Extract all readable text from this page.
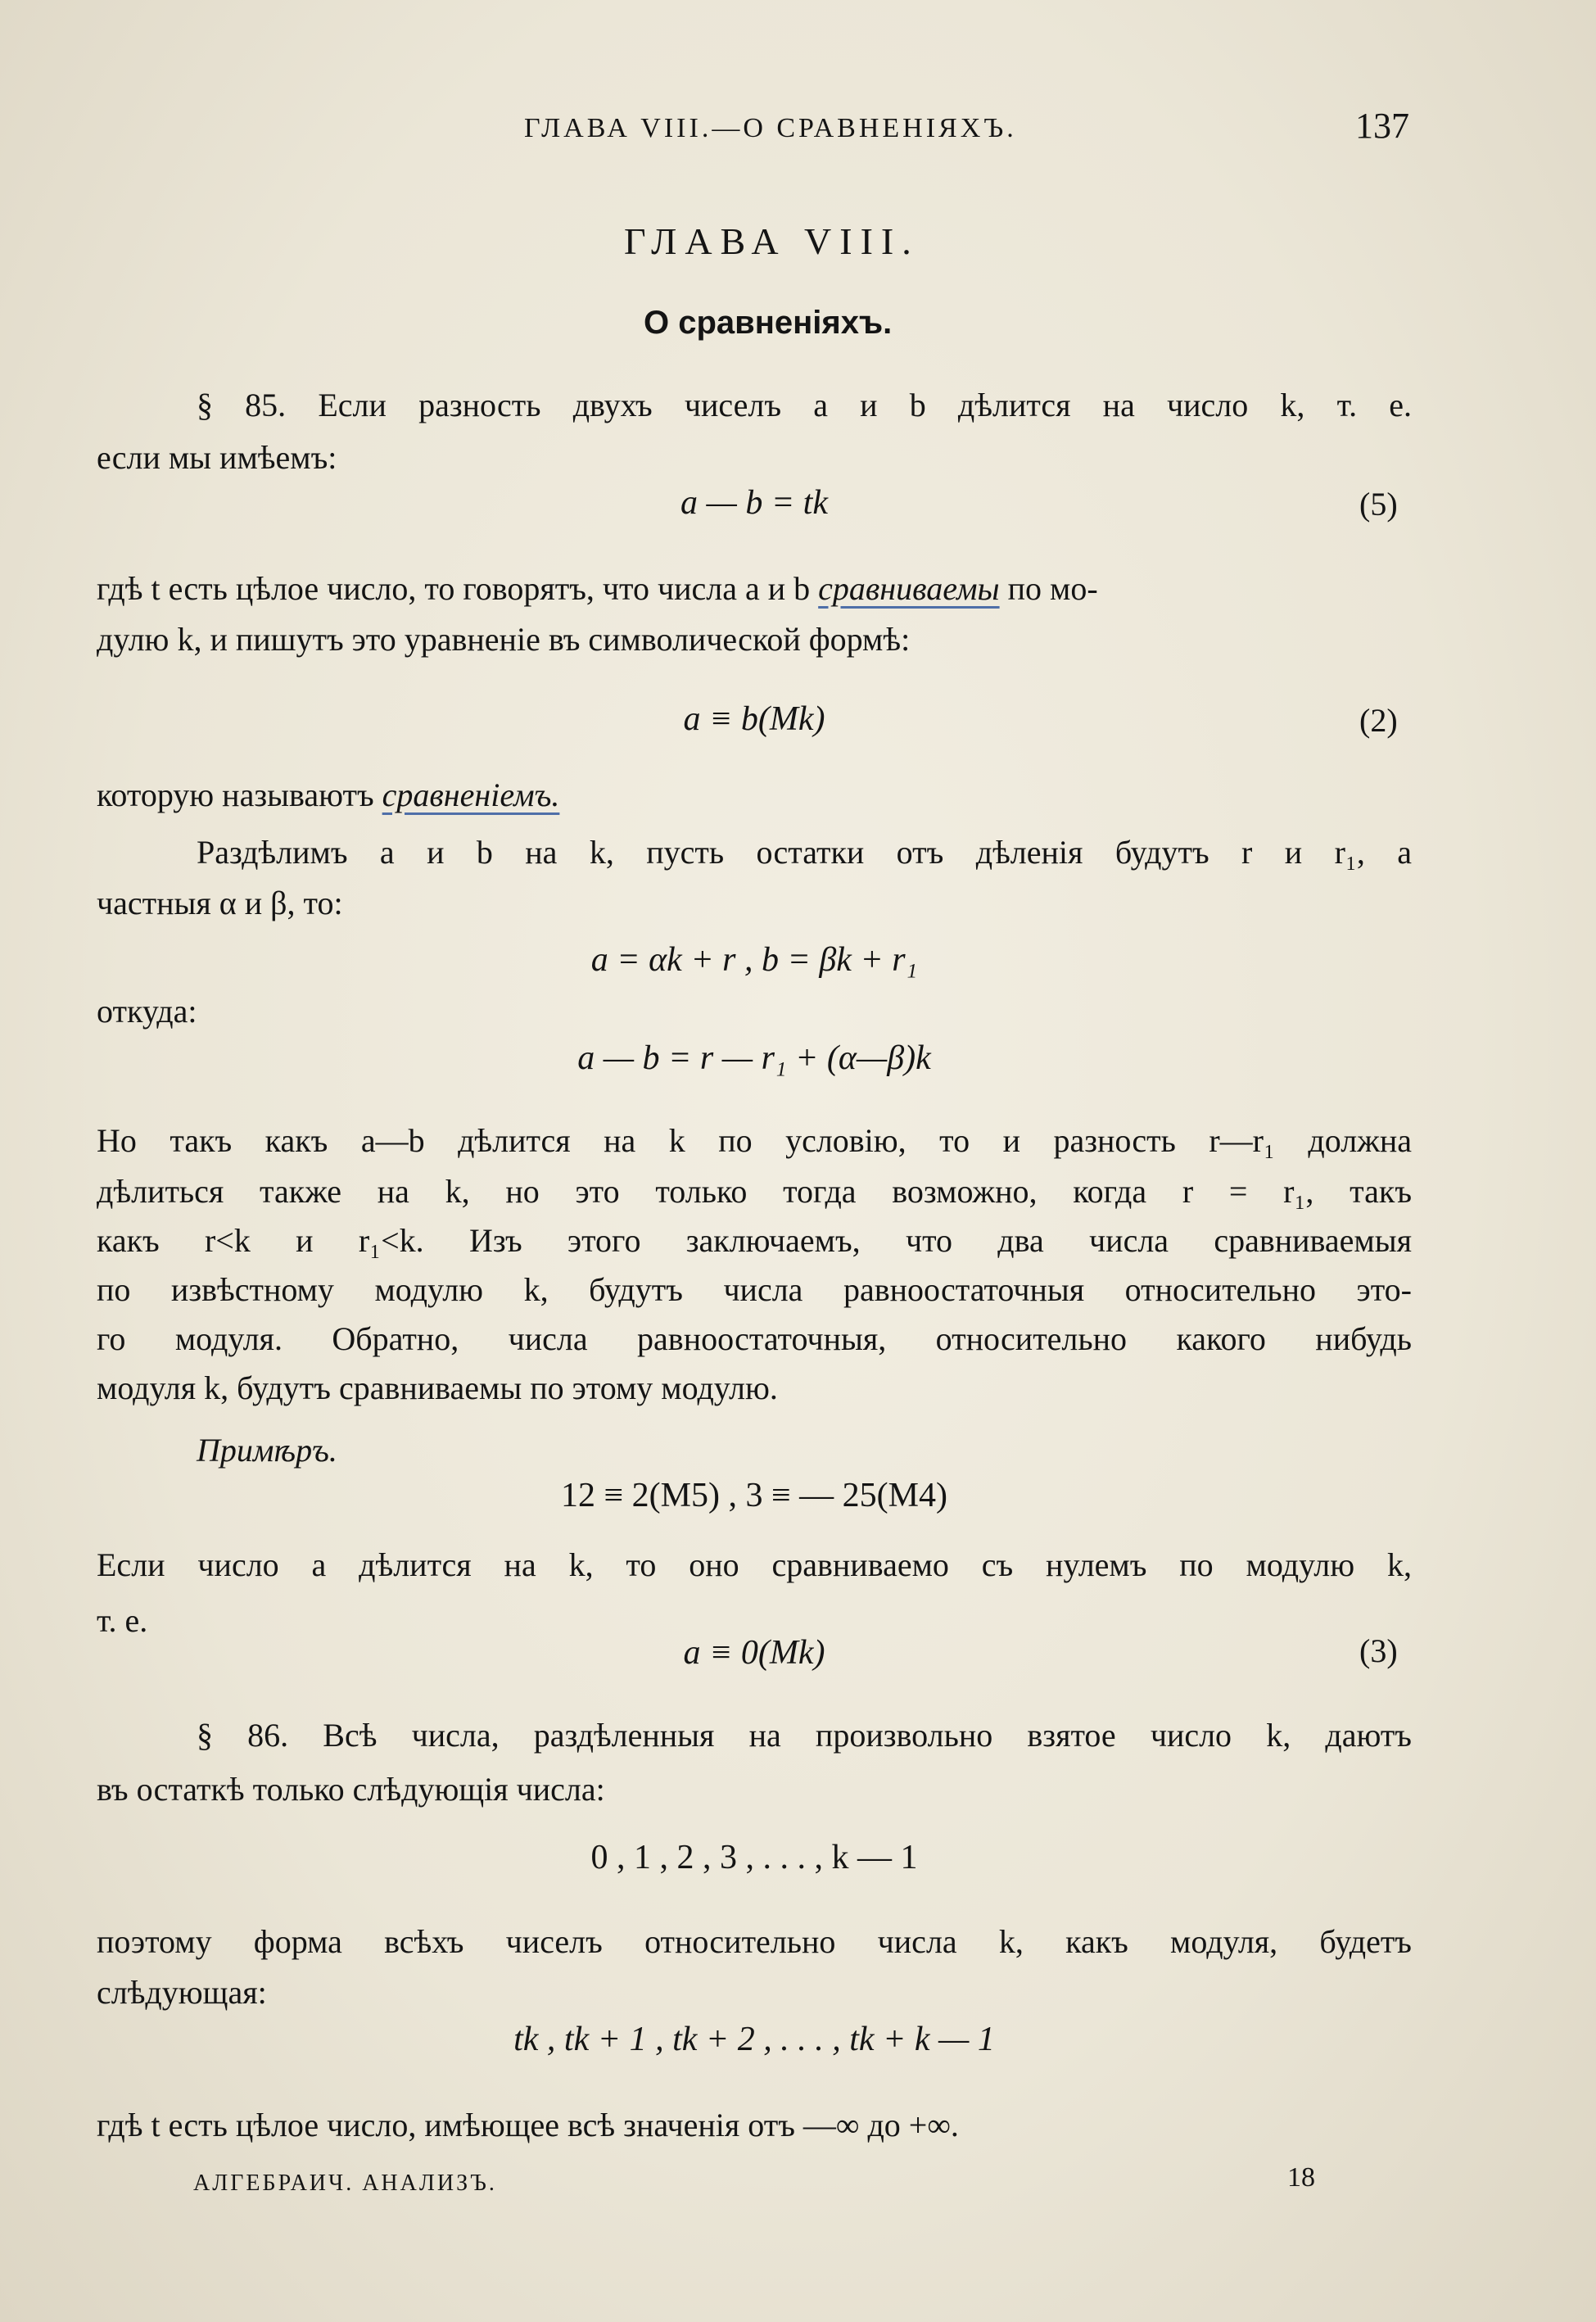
ГЛАВА VIII.—О СРАВНЕНІЯХЪ.	137
ГЛАВА VIII.
О сравненіяхъ.
§ 85. Если разность двухъ чиселъ a и b дѣлится на число k, т. е.
если мы имѣемъ:
a — b = tk	(5)
гдѣ t есть цѣлое число, то говорятъ, что числа a и b сравниваемы по мо-
дулю k, и пишутъ это уравненіе въ символической формѣ:
a ≡ b(Mk)	(2)
которую называютъ сравненіемъ.
Раздѣлимъ a и b на k, пусть остатки отъ дѣленія будутъ r и r₁, а
частныя α и β, то:
a = αk + r , b = βk + r₁
откуда:
a — b = r — r₁ + (α—β)k
Но такъ какъ a—b дѣлится на k по условію, то и разность r—r₁ должна
дѣлиться также на k, но это только тогда возможно, когда r = r₁, такъ
какъ r<k и r₁<k. Изъ этого заключаемъ, что два числа сравниваемыя
по извѣстному модулю k, будутъ числа равноостаточныя относительно это-
го модуля. Обратно, числа равноостаточныя, относительно какого нибудь
модуля k, будутъ сравниваемы по этому модулю.
Примѣръ.
12 ≡ 2(M5) , 3 ≡ — 25(M4)
Если число a дѣлится на k, то оно сравниваемо съ нулемъ по модулю k,
т. е.
a ≡ 0(Mk)	(3)
§ 86. Всѣ числа, раздѣленныя на произвольно взятое число k, даютъ
въ остаткѣ только слѣдующія числа:
0 , 1 , 2 , 3 , . . . , k — 1
поэтому форма всѣхъ чиселъ относительно числа k, какъ модуля, будетъ
слѣдующая:
tk , tk + 1 , tk + 2 , . . . , tk + k — 1
гдѣ t есть цѣлое число, имѣющее всѣ значенія отъ —∞ до +∞.
АЛГЕБРАИЧ. АНАЛИЗЪ.	18
